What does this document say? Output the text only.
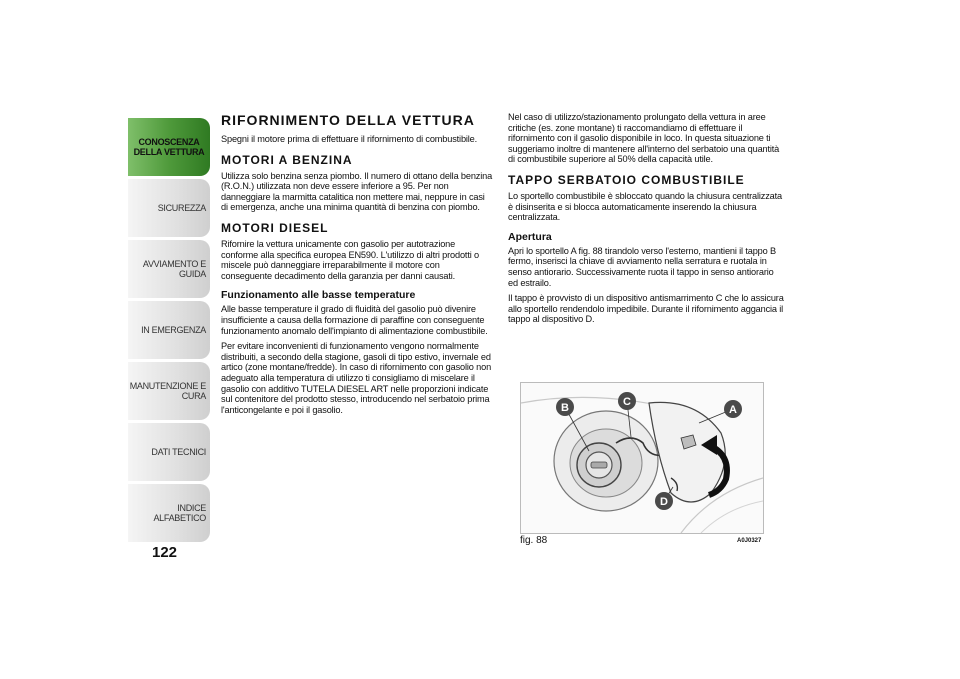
CONOSCENZA
DELLA VETTURA
SICUREZZA
AVVIAMENTO E
GUIDA
IN EMERGENZA
MANUTENZIONE E
CURA
DATI TECNICI
INDICE ALFABETICO
122
RIFORNIMENTO DELLA VETTURA

Spegni il motore prima di effettuare il rifornimento di combustibile.

MOTORI A BENZINA

Utilizza solo benzina senza piombo. Il numero di ottano della benzina (R.O.N.) utilizzata non deve essere inferiore a 95. Per non danneggiare la marmitta catalitica non mettere mai, neppure in casi di emergenza, anche una minima quantità di benzina con piombo.

MOTORI DIESEL

Rifornire la vettura unicamente con gasolio per autotrazione conforme alla specifica europea EN590. L'utilizzo di altri prodotti o miscele può danneggiare irreparabilmente il motore con conseguente decadimento della garanzia per danni causati.

Funzionamento alle basse temperature

Alle basse temperature il grado di fluidità del gasolio può divenire insufficiente a causa della formazione di paraffine con conseguente funzionamento anomalo dell'impianto di alimentazione combustibile.

Per evitare inconvenienti di funzionamento vengono normalmente distribuiti, a secondo della stagione, gasoli di tipo estivo, invernale ed artico (zone montane/fredde). In caso di rifornimento con gasolio non adeguato alla temperatura di utilizzo ti consigliamo di miscelare il gasolio con additivo TUTELA DIESEL ART nelle proporzioni indicate sul contenitore del prodotto stesso, introducendo nel serbatoio prima l'anticongelante e poi il gasolio.

Nel caso di utilizzo/stazionamento prolungato della vettura in aree critiche (es. zone montane) ti raccomandiamo di effettuare il rifornimento con il gasolio disponibile in loco. In questa situazione ti suggeriamo inoltre di mantenere all'interno del serbatoio una quantità di combustibile superiore al 50% della capacità utile.

TAPPO SERBATOIO COMBUSTIBILE

Lo sportello combustibile è sbloccato quando la chiusura centralizzata è disinserita e si blocca automaticamente inserendo la chiusura centralizzata.

Apertura

Apri lo sportello A fig. 88 tirandolo verso l'esterno, mantieni il tappo B fermo, inserisci la chiave di avviamento nella serratura e ruotala in senso antiorario. Successivamente ruota il tappo in senso antiorario ed estrailo.

Il tappo è provvisto di un dispositivo antismarrimento C che lo assicura allo sportello rendendolo impedibile. Durante il rifornimento aggancia il tappo al dispositivo D.

B	C
A
D
fig. 88	A0J0327
